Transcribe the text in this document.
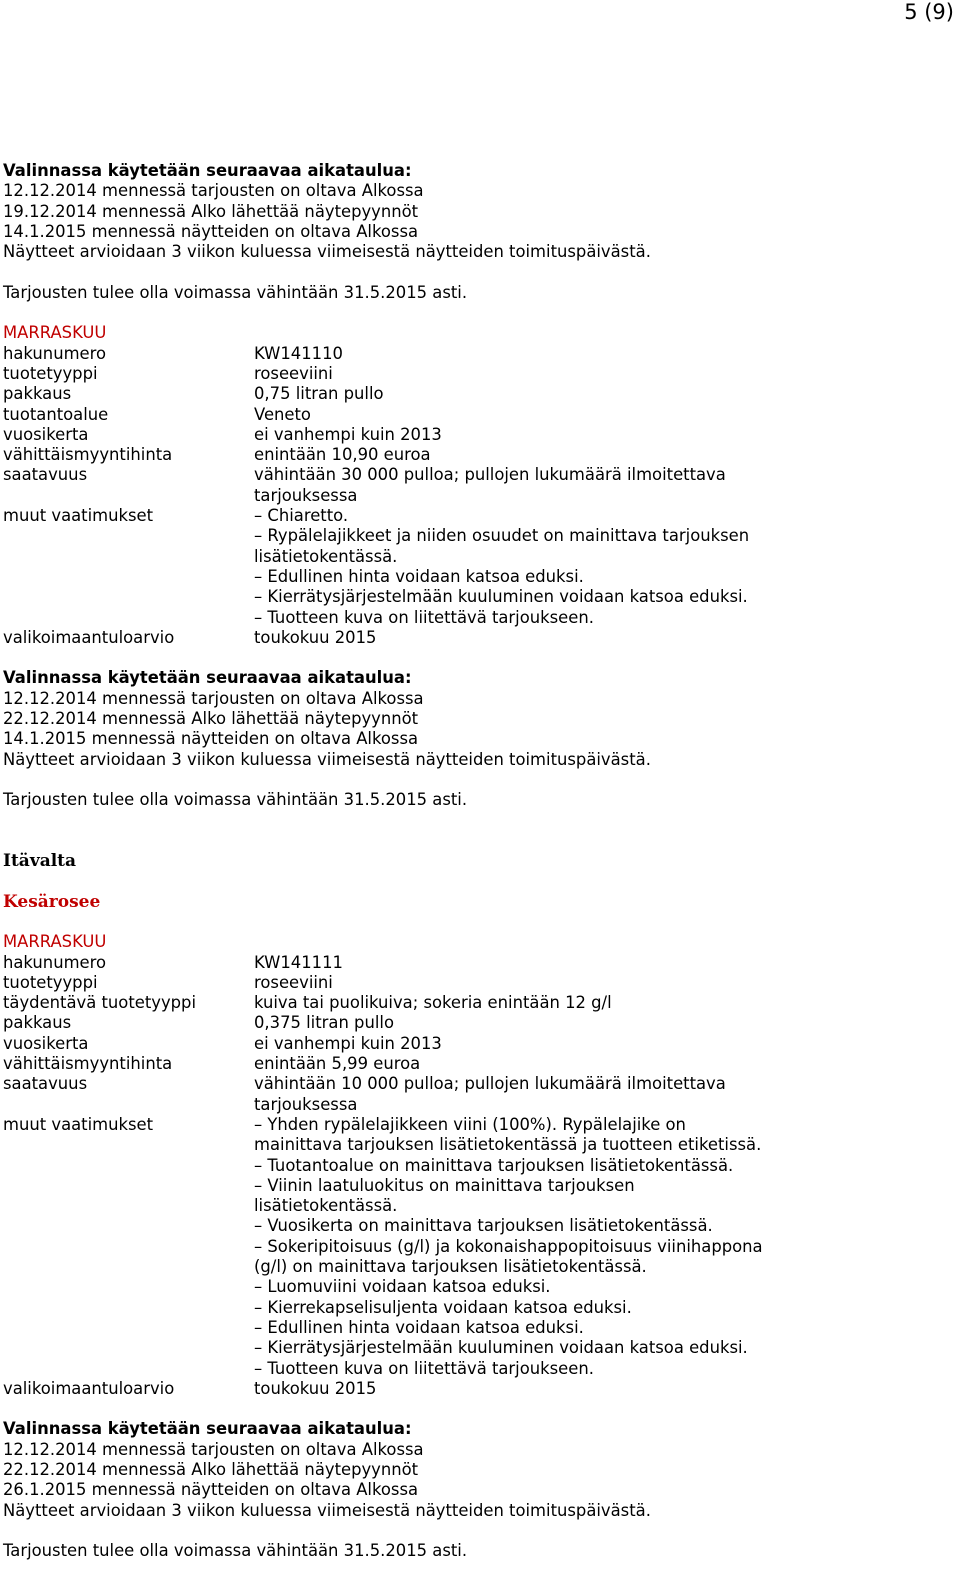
5 (9)
Valinnassa käytetään seuraavaa aikataulua:
12.12.2014 mennessä tarjousten on oltava Alkossa
19.12.2014 mennessä Alko lähettää näytepyynnöt
14.1.2015 mennessä näytteiden on oltava Alkossa
Näytteet arvioidaan 3 viikon kuluessa viimeisestä näytteiden toimituspäivästä.
Tarjousten tulee olla voimassa vähintään 31.5.2015 asti.
MARRASKUU
hakunumero	KW141110
tuotetyyppi	roseeviini
pakkaus	0,75 litran pullo
tuotantoalue	Veneto
vuosikerta	ei vanhempi kuin 2013
vähittäismyyntihinta	enintään 10,90 euroa
saatavuus	vähintään 30 000 pulloa; pullojen lukumäärä ilmoitettava
tarjouksessa
muut vaatimukset	– Chiaretto.
– Rypälelajikkeet ja niiden osuudet on mainittava tarjouksen
lisätietokentässä.
– Edullinen hinta voidaan katsoa eduksi.
– Kierrätysjärjestelmään kuuluminen voidaan katsoa eduksi.
– Tuotteen kuva on liitettävä tarjoukseen.
valikoimaantuloarvio	toukokuu 2015
Valinnassa käytetään seuraavaa aikataulua:
12.12.2014 mennessä tarjousten on oltava Alkossa
22.12.2014 mennessä Alko lähettää näytepyynnöt
14.1.2015 mennessä näytteiden on oltava Alkossa
Näytteet arvioidaan 3 viikon kuluessa viimeisestä näytteiden toimituspäivästä.
Tarjousten tulee olla voimassa vähintään 31.5.2015 asti.
Itävalta
Kesärosee
MARRASKUU
hakunumero	KW141111
tuotetyyppi	roseeviini
täydentävä tuotetyyppi	kuiva tai puolikuiva; sokeria enintään 12 g/l
pakkaus	0,375 litran pullo
vuosikerta	ei vanhempi kuin 2013
vähittäismyyntihinta	enintään 5,99 euroa
saatavuus	vähintään 10 000 pulloa; pullojen lukumäärä ilmoitettava
tarjouksessa
muut vaatimukset	– Yhden rypälelajikkeen viini (100%). Rypälelajike on
mainittava tarjouksen lisätietokentässä ja tuotteen etiketissä.
– Tuotantoalue on mainittava tarjouksen lisätietokentässä.
– Viinin laatuluokitus on mainittava tarjouksen
lisätietokentässä.
– Vuosikerta on mainittava tarjouksen lisätietokentässä.
– Sokeripitoisuus (g/l) ja kokonaishappopitoisuus viinihappona
(g/l) on mainittava tarjouksen lisätietokentässä.
– Luomuviini voidaan katsoa eduksi.
– Kierrekapselisuljenta voidaan katsoa eduksi.
– Edullinen hinta voidaan katsoa eduksi.
– Kierrätysjärjestelmään kuuluminen voidaan katsoa eduksi.
– Tuotteen kuva on liitettävä tarjoukseen.
valikoimaantuloarvio	toukokuu 2015
Valinnassa käytetään seuraavaa aikataulua:
12.12.2014 mennessä tarjousten on oltava Alkossa
22.12.2014 mennessä Alko lähettää näytepyynnöt
26.1.2015 mennessä näytteiden on oltava Alkossa
Näytteet arvioidaan 3 viikon kuluessa viimeisestä näytteiden toimituspäivästä.
Tarjousten tulee olla voimassa vähintään 31.5.2015 asti.
